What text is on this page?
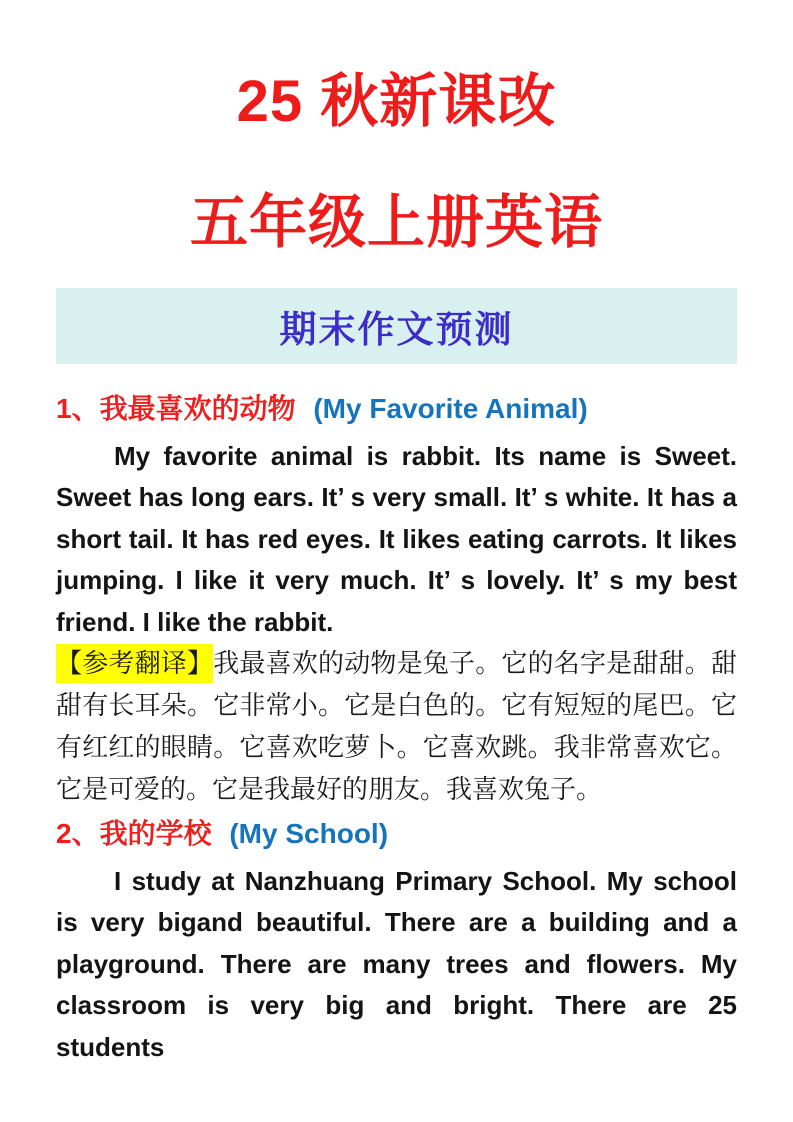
25 秋新课改
五年级上册英语
期末作文预测
1、我最喜欢的动物 (My Favorite Animal)

My favorite animal is rabbit. Its name is Sweet. Sweet has long ears. It’ s very small. It’ s white. It has a short tail. It has red eyes. It likes eating carrots. It likes jumping. I like it very much. It’ s lovely. It’ s my best friend. I like the rabbit.

【参考翻译】我最喜欢的动物是兔子。它的名字是甜甜。甜甜有长耳朵。它非常小。它是白色的。它有短短的尾巴。它有红红的眼睛。它喜欢吃萝卜。它喜欢跳。我非常喜欢它。它是可爱的。它是我最好的朋友。我喜欢兔子。

2、我的学校 (My School)

I study at Nanzhuang Primary School. My school is very bigand beautiful. There are a building and a playground. There are many trees and flowers. My classroom is very big and bright. There are 25 students
